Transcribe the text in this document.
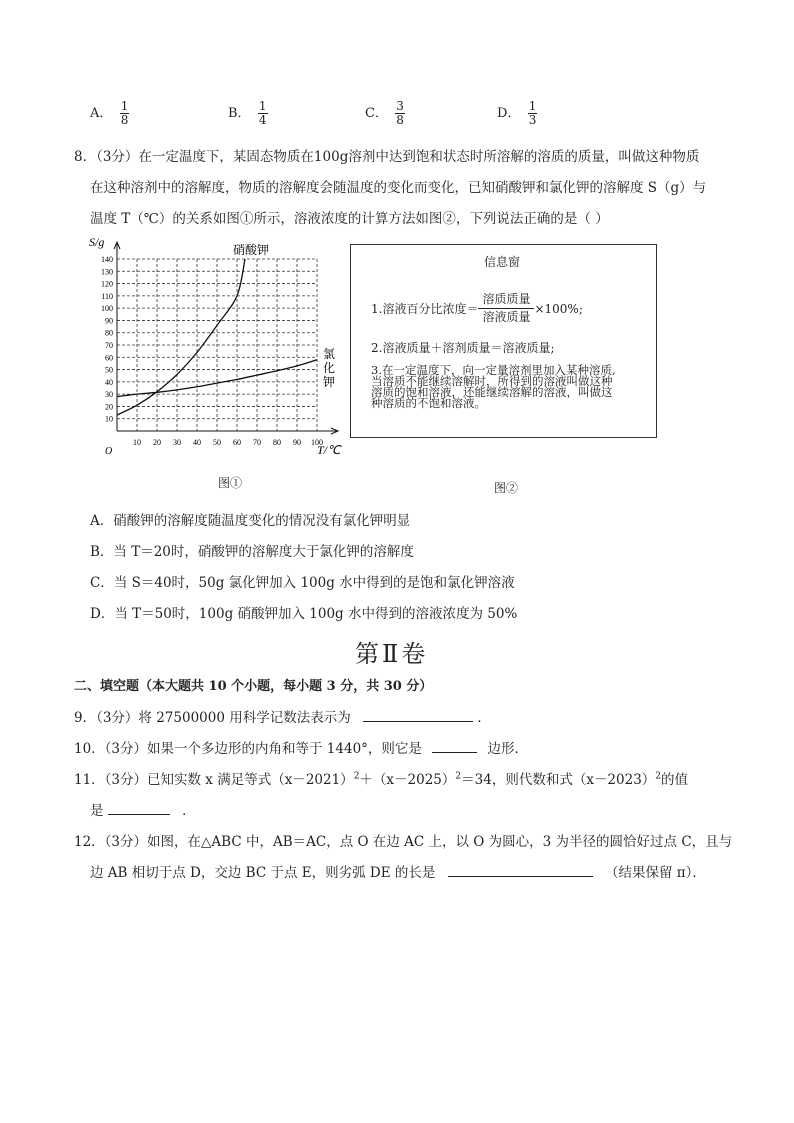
A． $\frac{1}{8}$	B． $\frac{1}{4}$	C． $\frac{3}{8}$	D． $\frac{1}{3}$
8．（3分）在一定温度下，某固态物质在100g溶剂中达到饱和状态时所溶解的溶质的质量，叫做这种物质
在这种溶剂中的溶解度，物质的溶解度会随温度的变化而变化，已知硝酸钾和氯化钾的溶解度 S（g）与
温度 T（℃）的关系如图①所示，溶液浓度的计算方法如图②，下列说法正确的是（ ）
10
20
30
40
50
60
70
80
90
100
110
120
130
140
10 20 30 40 50 60 70 80 90 100
S/g
T/℃
O
硝酸钾
氯
化
钾
图①
信息窗
1.溶液百分比浓度＝ $\frac{\text{溶质质量}}{\text{溶液质量}} \times 100\%$;
2.溶液质量＋溶剂质量＝溶液质量;
3.在一定温度下，向一定量溶剂里加入某种溶质,
当溶质不能继续溶解时，所得到的溶液叫做这种
溶质的饱和溶液，还能继续溶解的溶液，叫做这
种溶质的不饱和溶液。
图②
A．硝酸钾的溶解度随温度变化的情况没有氯化钾明显
B．当 T＝20时，硝酸钾的溶解度大于氯化钾的溶解度
C．当 S＝40时，50g 氯化钾加入 100g 水中得到的是饱和氯化钾溶液
D．当 T＝50时，100g 硝酸钾加入 100g 水中得到的溶液浓度为 50%
第Ⅱ卷
二、填空题（本大题共 10 个小题，每小题 3 分，共 30 分）
9．（3分）将 27500000 用科学记数法表示为	．
10．（3分）如果一个多边形的内角和等于 1440°，则它是	边形．
11．（3分）已知实数 x 满足等式$(x-2021)^2+(x-2025)^2=34$，则代数和式$(x-2023)^2$的值
是	．
12．（3分）如图，在△ABC 中，AB＝AC，点 O 在边 AC 上，以 O 为圆心，3 为半径的圆恰好过点 C，且与
边 AB 相切于点 D，交边 BC 于点 E，则劣弧 DE 的长是	（结果保留 π）．
